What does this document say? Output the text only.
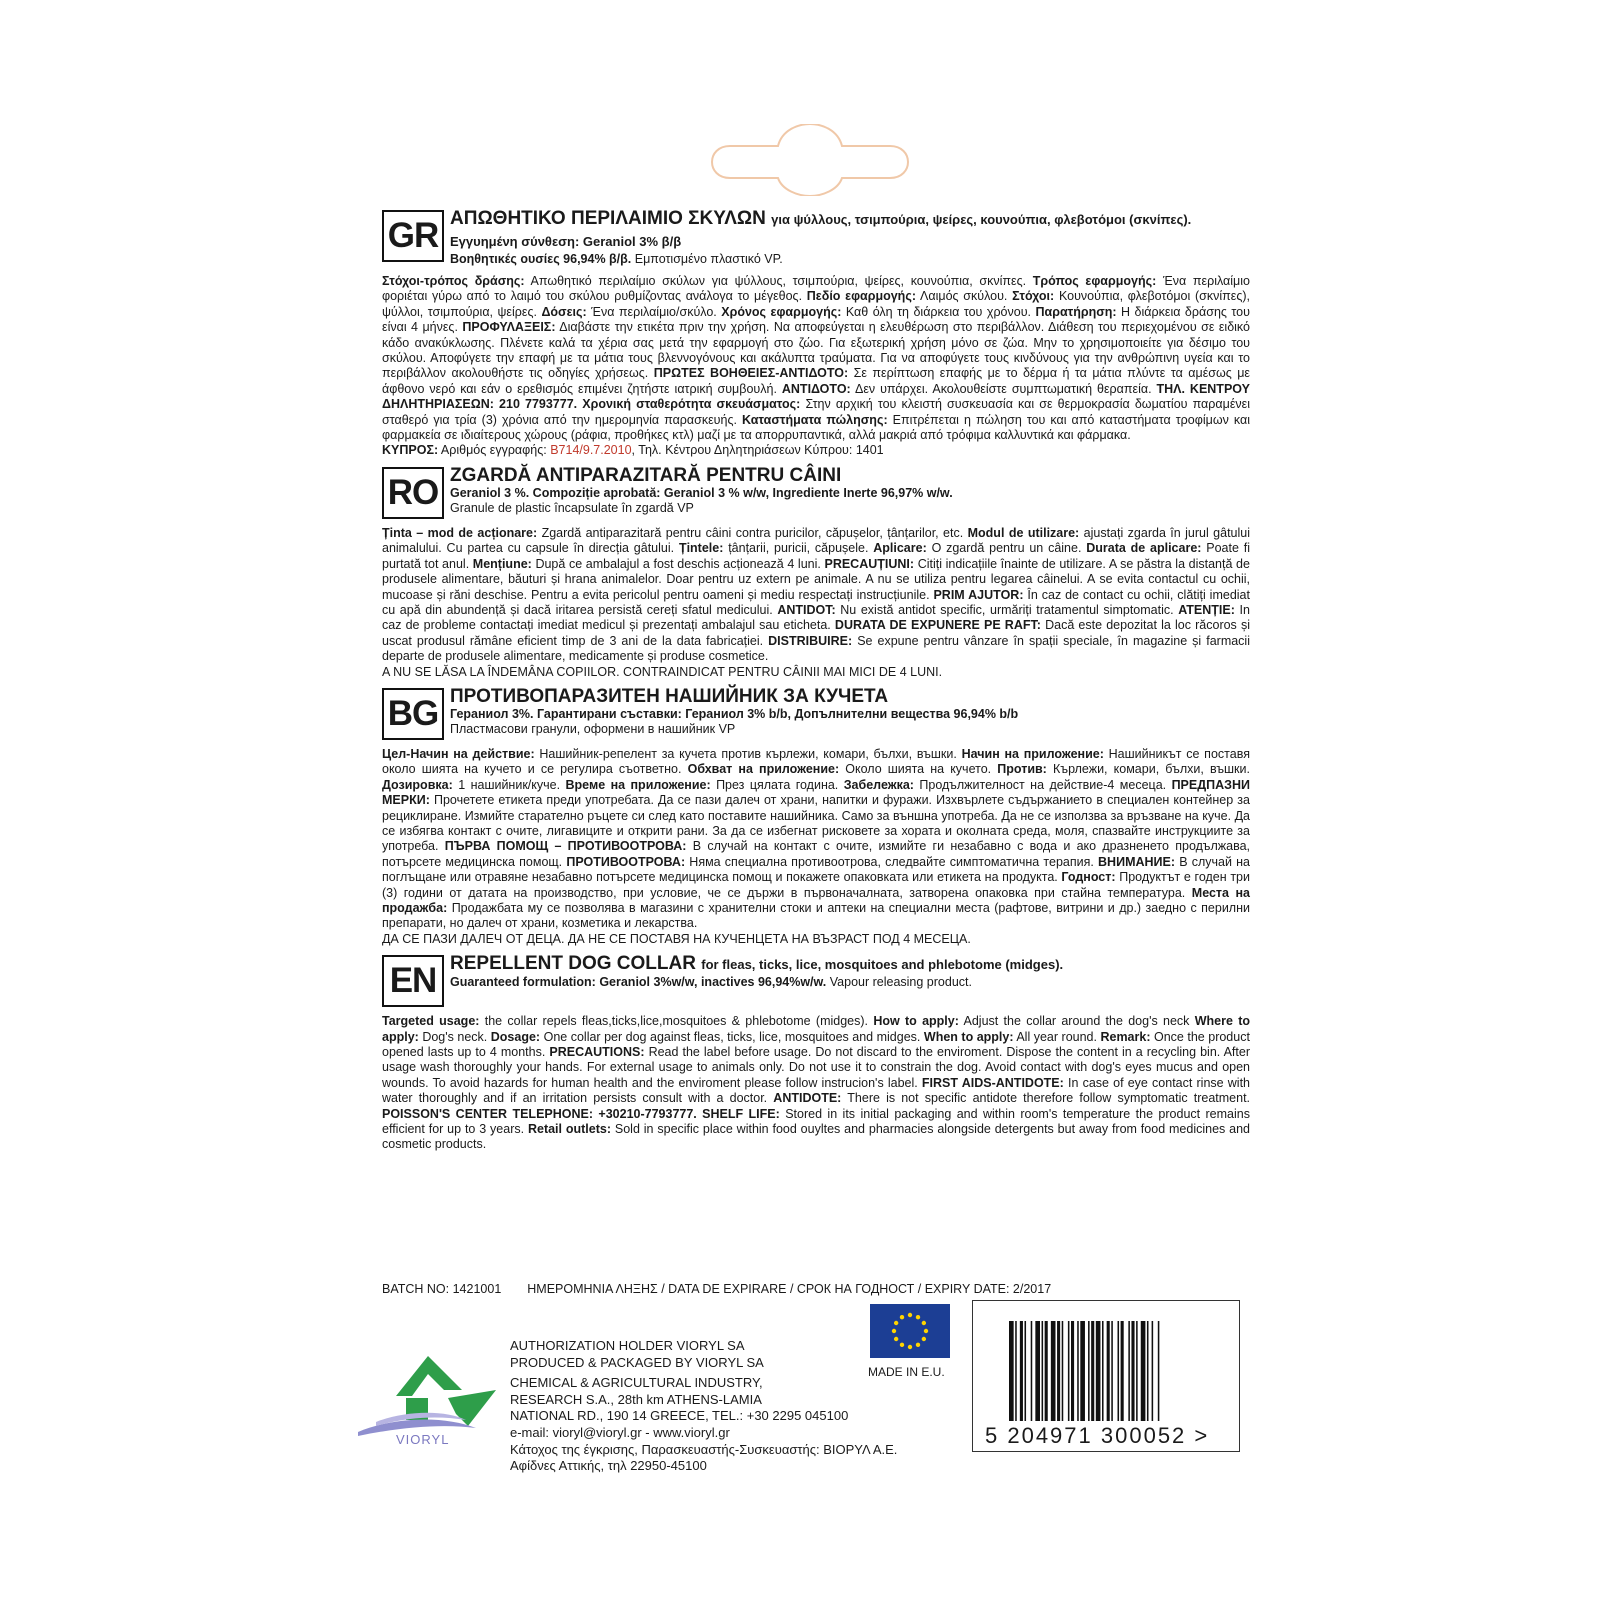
GR ΑΠΩΘΗΤΙΚΟ ΠΕΡΙΛΑΙΜΙΟ ΣΚΥΛΩΝ για ψύλλους, τσιμπούρια, ψείρες, κουνούπια, φλεβοτόμοι (σκνίπες). Εγγυημένη σύνθεση: Geraniol 3% β/β
Βοηθητικές ουσίες 96,94% β/β. Εμποτισμένο πλαστικό VP.
Στόχοι-τρόπος δράσης: Απωθητικό περιλαίμιο σκύλων για ψύλλους, τσιμπούρια, ψείρες, κουνούπια, σκνίπες. Τρόπος εφαρμογής: Ένα περιλαίμιο φοριέται γύρω από το λαιμό του σκύλου ρυθμίζοντας ανάλογα το μέγεθος. Πεδίο εφαρμογής: Λαιμός σκύλου. Στόχοι: Κουνούπια, φλεβοτόμοι (σκνίπες), ψύλλοι, τσιμπούρια, ψείρες. Δόσεις: Ένα περιλαίμιο/σκύλο. Χρόνος εφαρμογής: Καθ όλη τη διάρκεια του χρόνου. Παρατήρηση: Η διάρκεια δράσης του είναι 4 μήνες. ΠΡΟΦΥΛΑΞΕΙΣ: Διαβάστε την ετικέτα πριν την χρήση. Να αποφεύγεται η ελευθέρωση στο περιβάλλον. Διάθεση του περιεχομένου σε ειδικό κάδο ανακύκλωσης. Πλένετε καλά τα χέρια σας μετά την εφαρμογή στο ζώο. Για εξωτερική χρήση μόνο σε ζώα. Μην το χρησιμοποιείτε για δέσιμο του σκύλου. Αποφύγετε την επαφή με τα μάτια τους βλεννογόνους και ακάλυπτα τραύματα. Για να αποφύγετε τους κινδύνους για την ανθρώπινη υγεία και το περιβάλλον ακολουθήστε τις οδηγίες χρήσεως. ΠΡΩΤΕΣ ΒΟΗΘΕΙΕΣ-ΑΝΤΙΔΟΤΟ: Σε περίπτωση επαφής με το δέρμα ή τα μάτια πλύντε τα αμέσως με άφθονο νερό και εάν ο ερεθισμός επιμένει ζητήστε ιατρική συμβουλή. ΑΝΤΙΔΟΤΟ: Δεν υπάρχει. Ακολουθείστε συμπτωματική θεραπεία. ΤΗΛ. ΚΕΝΤΡΟΥ ΔΗΛΗΤΗΡΙΑΣΕΩΝ: 210 7793777. Χρονική σταθερότητα σκευάσματος: Στην αρχική του κλειστή συσκευασία και σε θερμοκρασία δωματίου παραμένει σταθερό για τρία (3) χρόνια από την ημερομηνία παρασκευής. Καταστήματα πώλησης: Επιτρέπεται η πώληση του και από καταστήματα τροφίμων και φαρμακεία σε ιδιαίτερους χώρους (ράφια, προθήκες κτλ) μαζί με τα απορρυπαντικά, αλλά μακριά από τρόφιμα καλλυντικά και φάρμακα.
ΚΥΠΡΟΣ: Αριθμός εγγραφής: Β714/9.7.2010, Τηλ. Κέντρου Δηλητηριάσεων Κύπρου: 1401
RO ZGARDĂ ANTIPARAZITARĂ PENTRU CÂINI
Geraniol 3 %. Compoziție aprobată: Geraniol 3 % w/w, Ingrediente Inerte 96,97% w/w.
Granule de plastic încapsulate în zgardă VP
Ținta – mod de acționare: Zgardă antiparazitară pentru câini contra puricilor, căpușelor, țânțarilor, etc. Modul de utilizare: ajustați zgarda în jurul gâtului animalului. Cu partea cu capsule în direcția gâtului. Țintele: țânțarii, puricii, căpușele. Aplicare: O zgardă pentru un câine. Durata de aplicare: Poate fi purtată tot anul. Mențiune: După ce ambalajul a fost deschis acționează 4 luni. PRECAUȚIUNI: Citiți indicațiile înainte de utilizare. A se păstra la distanță de produsele alimentare, băuturi și hrana animalelor. Doar pentru uz extern pe animale. A nu se utiliza pentru legarea câinelui. A se evita contactul cu ochii, mucoase și răni deschise. Pentru a evita pericolul pentru oameni și mediu respectați instrucțiunile. PRIM AJUTOR: În caz de contact cu ochii, clătiți imediat cu apă din abundență și dacă iritarea persistă cereți sfatul medicului. ANTIDOT: Nu există antidot specific, urmăriți tratamentul simptomatic. ATENȚIE: In caz de probleme contactați imediat medicul și prezentați ambalajul sau eticheta. DURATA DE EXPUNERE PE RAFT: Dacă este depozitat la loc răcoros și uscat produsul rămâne eficient timp de 3 ani de la data fabricației. DISTRIBUIRE: Se expune pentru vânzare în spații speciale, în magazine și farmacii departe de produsele alimentare, medicamente și produse cosmetice.
A NU SE LĂSA LA ÎNDEMÂNA COPIILOR. CONTRAINDICAT PENTRU CÂINII MAI MICI DE 4 LUNI.
BG ПРОТИВОПАРАЗИТЕН НАШИЙНИК ЗА КУЧЕТА
Гераниол 3%. Гарантирани съставки: Гераниол 3% b/b, Допълнителни вещества 96,94% b/b
Пластмасови гранули, оформени в нашийник VP
Цел-Начин на действие: Нашийник-репелент за кучета против кърлежи, комари, бълхи, въшки. Начин на приложение: Нашийникът се поставя около шията на кучето и се регулира съответно. Обхват на приложение: Около шията на кучето. Против: Кърлежи, комари, бълхи, въшки. Дозировка: 1 нашийник/куче. Време на приложение: През цялата година. Забележка: Продължителност на действие-4 месеца. ПРЕДПАЗНИ МЕРКИ: Прочетете етикета преди употребата. Да се пази далеч от храни, напитки и фуражи. Изхвърлете съдържанието в специален контейнер за рециклиране. Измийте старателно ръцете си след като поставите нашийника. Само за външна употреба. Да не се използва за връзване на куче. Да се избягва контакт с очите, лигавиците и открити рани. За да се избегнат рисковете за хората и околната среда, моля, спазвайте инструкциите за употреба. ПЪРВА ПОМОЩ – ПРОТИВООТРОВА: В случай на контакт с очите, измийте ги незабавно с вода и ако дразненето продължава, потърсете медицинска помощ. ПРОТИВООТРОВА: Няма специална противоотрова, следвайте симптоматична терапия. ВНИМАНИЕ: В случай на поглъщане или отравяне незабавно потърсете медицинска помощ и покажете опаковката или етикета на продукта. Годност: Продуктът е годен три (3) години от датата на производство, при условие, че се държи в първоначалната, затворена опаковка при стайна температура. Места на продажба: Продажбата му се позволява в магазини с хранителни стоки и аптеки на специални места (рафтове, витрини и др.) заедно с перилни препарати, но далеч от храни, козметика и лекарства.
ДА СЕ ПАЗИ ДАЛЕЧ ОТ ДЕЦА. ДА НЕ СЕ ПОСТАВЯ НА КУЧЕНЦЕТА НА ВЪЗРАСТ ПОД 4 МЕСЕЦА.
EN REPELLENT DOG COLLAR for fleas, ticks, lice, mosquitoes and phlebotome (midges).
Guaranteed formulation: Geraniol 3%w/w, inactives 96,94%w/w. Vapour releasing product.
Targeted usage: the collar repels fleas,ticks,lice,mosquitoes & phlebotome (midges). How to apply: Adjust the collar around the dog's neck Where to apply: Dog's neck. Dosage: One collar per dog against fleas, ticks, lice, mosquitoes and midges. When to apply: All year round. Remark: Once the product opened lasts up to 4 months. PRECAUTIONS: Read the label before usage. Do not discard to the enviroment. Dispose the content in a recycling bin. After usage wash thoroughly your hands. For external usage to animals only. Do not use it to constrain the dog. Avoid contact with dog's eyes mucus and open wounds. To avoid hazards for human health and the enviroment please follow instrucion's label. FIRST AIDS-ANTIDOTE: In case of eye contact rinse with water thoroughly and if an irritation persists consult with a doctor. ANTIDOTE: There is not specific antidote therefore follow symptomatic treatment. POISSON'S CENTER TELEPHONE: +30210-7793777. SHELF LIFE: Stored in its initial packaging and within room's temperature the product remains efficient for up to 3 years. Retail outlets: Sold in specific place within food ouyltes and pharmacies alongside detergents but away from food medicines and cosmetic products.
BATCH NO: 1421001 ΗΜΕΡΟΜΗΝΙΑ ΛΗΞΗΣ / DATA DE EXPIRARE / СРОК НА ГОДНОСТ / EXPIRY DATE: 2/2017
VIORYL
AUTHORIZATION HOLDER VIORYL SA
PRODUCED & PACKAGED BY VIORYL SA
CHEMICAL & AGRICULTURAL INDUSTRY,
RESEARCH S.A., 28th km ATHENS-LAMIA
NATIONAL RD., 190 14 GREECE, TEL.: +30 2295 045100
e-mail: vioryl@vioryl.gr - www.vioryl.gr
Κάτοχος της έγκρισης, Παρασκευαστής-Συσκευαστής: ΒΙΟΡΥΛ Α.Ε.
Αφίδνες Αττικής, τηλ 22950-45100
MADE IN E.U.
5 204971 300052 >
